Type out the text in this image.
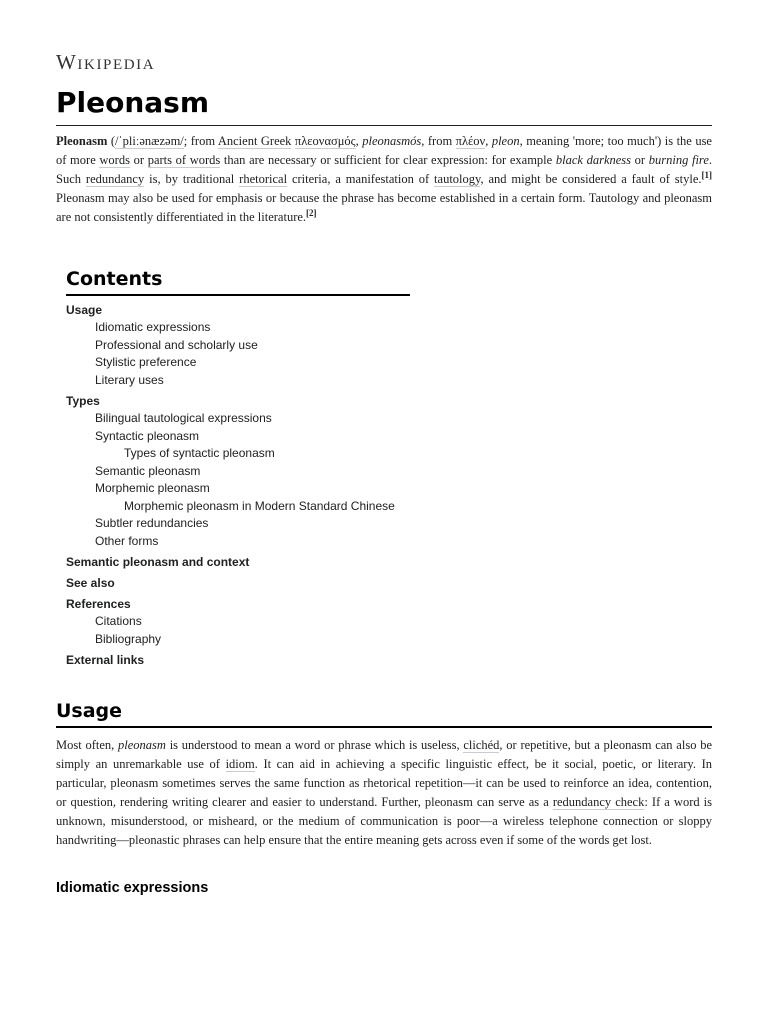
Wikipedia
Pleonasm

Pleonasm (/ˈpliːənæzəm/; from Ancient Greek πλεονασμός, pleonasmós, from πλέον, pleon, meaning 'more; too much') is the use of more words or parts of words than are necessary or sufficient for clear expression: for example black darkness or burning fire. Such redundancy is, by traditional rhetorical criteria, a manifestation of tautology, and might be considered a fault of style.[1] Pleonasm may also be used for emphasis or because the phrase has become established in a certain form. Tautology and pleonasm are not consistently differentiated in the literature.[2]

Contents
Usage
Idiomatic expressions
Professional and scholarly use
Stylistic preference
Literary uses
Types
Bilingual tautological expressions
Syntactic pleonasm
Types of syntactic pleonasm
Semantic pleonasm
Morphemic pleonasm
Morphemic pleonasm in Modern Standard Chinese
Subtler redundancies
Other forms
Semantic pleonasm and context
See also
References
Citations
Bibliography
External links
Usage

Most often, pleonasm is understood to mean a word or phrase which is useless, clichéd, or repetitive, but a pleonasm can also be simply an unremarkable use of idiom. It can aid in achieving a specific linguistic effect, be it social, poetic, or literary. In particular, pleonasm sometimes serves the same function as rhetorical repetition—it can be used to reinforce an idea, contention, or question, rendering writing clearer and easier to understand. Further, pleonasm can serve as a redundancy check: If a word is unknown, misunderstood, or misheard, or the medium of communication is poor—a wireless telephone connection or sloppy handwriting—pleonastic phrases can help ensure that the entire meaning gets across even if some of the words get lost.

Idiomatic expressions
